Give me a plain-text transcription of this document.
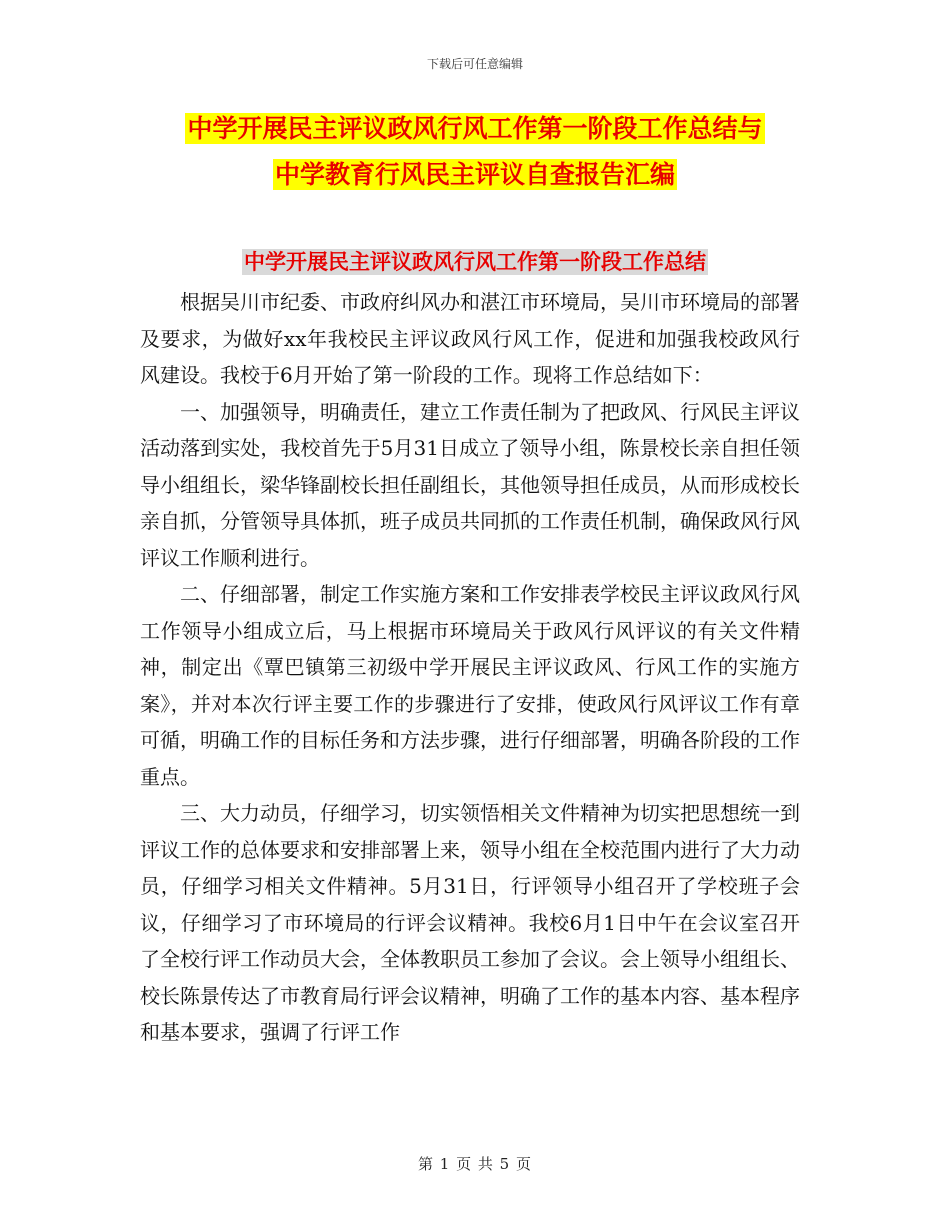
下载后可任意编辑
中学开展民主评议政风行风工作第一阶段工作总结与
中学教育行风民主评议自查报告汇编
中学开展民主评议政风行风工作第一阶段工作总结

根据吴川市纪委、市政府纠风办和湛江市环境局，吴川市环境局的部署及要求，为做好xx年我校民主评议政风行风工作，促进和加强我校政风行风建设。我校于6月开始了第一阶段的工作。现将工作总结如下：

一、加强领导，明确责任，建立工作责任制为了把政风、行风民主评议活动落到实处，我校首先于5月31日成立了领导小组，陈景校长亲自担任领导小组组长，梁华锋副校长担任副组长，其他领导担任成员，从而形成校长亲自抓，分管领导具体抓，班子成员共同抓的工作责任机制，确保政风行风评议工作顺利进行。

二、仔细部署，制定工作实施方案和工作安排表学校民主评议政风行风工作领导小组成立后，马上根据市环境局关于政风行风评议的有关文件精神，制定出《覃巴镇第三初级中学开展民主评议政风、行风工作的实施方案》，并对本次行评主要工作的步骤进行了安排，使政风行风评议工作有章可循，明确工作的目标任务和方法步骤，进行仔细部署，明确各阶段的工作重点。

三、大力动员，仔细学习，切实领悟相关文件精神为切实把思想统一到评议工作的总体要求和安排部署上来，领导小组在全校范围内进行了大力动员，仔细学习相关文件精神。5月31日，行评领导小组召开了学校班子会议，仔细学习了市环境局的行评会议精神。我校6月1日中午在会议室召开了全校行评工作动员大会，全体教职员工参加了会议。会上领导小组组长、校长陈景传达了市教育局行评会议精神，明确了工作的基本内容、基本程序和基本要求，强调了行评工作

第 1 页 共 5 页
